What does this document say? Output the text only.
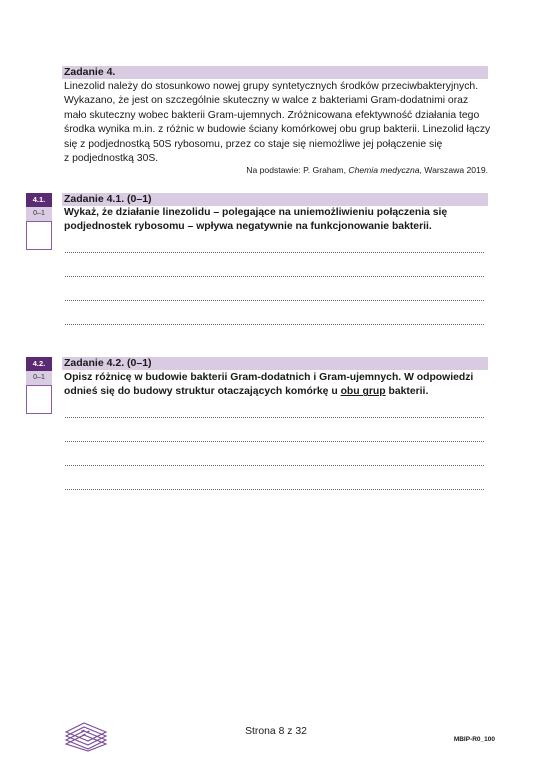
Zadanie 4.

Linezolid należy do stosunkowo nowej grupy syntetycznych środków przeciwbakteryjnych.

Wykazano, że jest on szczególnie skuteczny w walce z bakteriami Gram-dodatnimi oraz

mało skuteczny wobec bakterii Gram-ujemnych. Zróżnicowana efektywność działania tego

środka wynika m.in. z różnic w budowie ściany komórkowej obu grup bakterii. Linezolid łączy

się z podjednostką 50S rybosomu, przez co staje się niemożliwe jej połączenie się

z podjednostką 30S.

Na podstawie: P. Graham, Chemia medyczna, Warszawa 2019.
4.1.
0–1
Zadanie 4.1. (0–1)
Wykaż, że działanie linezolidu – polegające na uniemożliwieniu połączenia się
podjednostek rybosomu – wpływa negatywnie na funkcjonowanie bakterii.
4.2.
0–1
Zadanie 4.2. (0–1)
Opisz różnicę w budowie bakterii Gram-dodatnich i Gram-ujemnych. W odpowiedzi
odnieś się do budowy struktur otaczających komórkę u obu grup bakterii.
Strona 8 z 32
MBIP-R0_100
